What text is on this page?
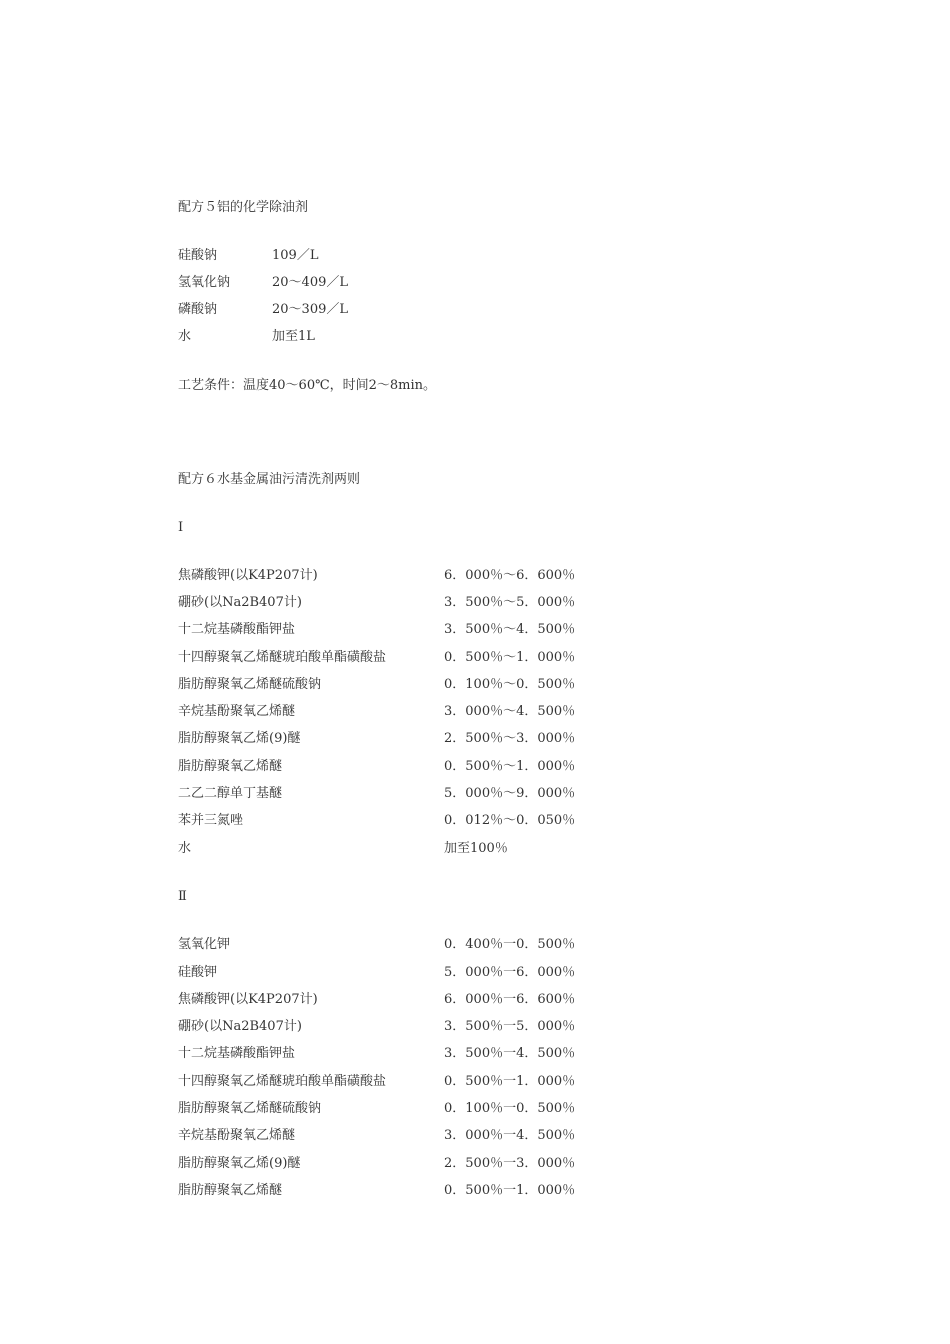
配方５铝的化学除油剂
硅酸钠	109／L
氢氧化钠	20～409／L
磷酸钠	20～309／L
水	加至1L
工艺条件：温度40～60℃，时间2～8min。
配方６水基金属油污清洗剂两则
Ⅰ
焦磷酸钾(以K4P207计)	6．000％～6．600％
硼砂(以Na2B407计)	3．500％～5．000％
十二烷基磷酸酯钾盐	3．500％～4．500％
十四醇聚氧乙烯醚琥珀酸单酯磺酸盐	0．500％～1．000％
脂肪醇聚氧乙烯醚硫酸钠	0．100％～0．500％
辛烷基酚聚氧乙烯醚	3．000％～4．500％
脂肪醇聚氧乙烯(9)醚	2．500％～3．000％
脂肪醇聚氧乙烯醚	0．500％～1．000％
二乙二醇单丁基醚	5．000％～9．000％
苯并三氮唑	0．012％～0．050％
水	加至100％
Ⅱ
氢氧化钾	0．400％一0．500％
硅酸钾	5．000％一6．000％
焦磷酸钾(以K4P207计)	6．000％一6．600％
硼砂(以Na2B407计)	3．500％一5．000％
十二烷基磷酸酯钾盐	3．500％一4．500％
十四醇聚氧乙烯醚琥珀酸单酯磺酸盐	0．500％一1．000％
脂肪醇聚氧乙烯醚硫酸钠	0．100％一0．500％
辛烷基酚聚氧乙烯醚	3．000％一4．500％
脂肪醇聚氧乙烯(9)醚	2．500％一3．000％
脂肪醇聚氧乙烯醚	0．500％一1．000％
